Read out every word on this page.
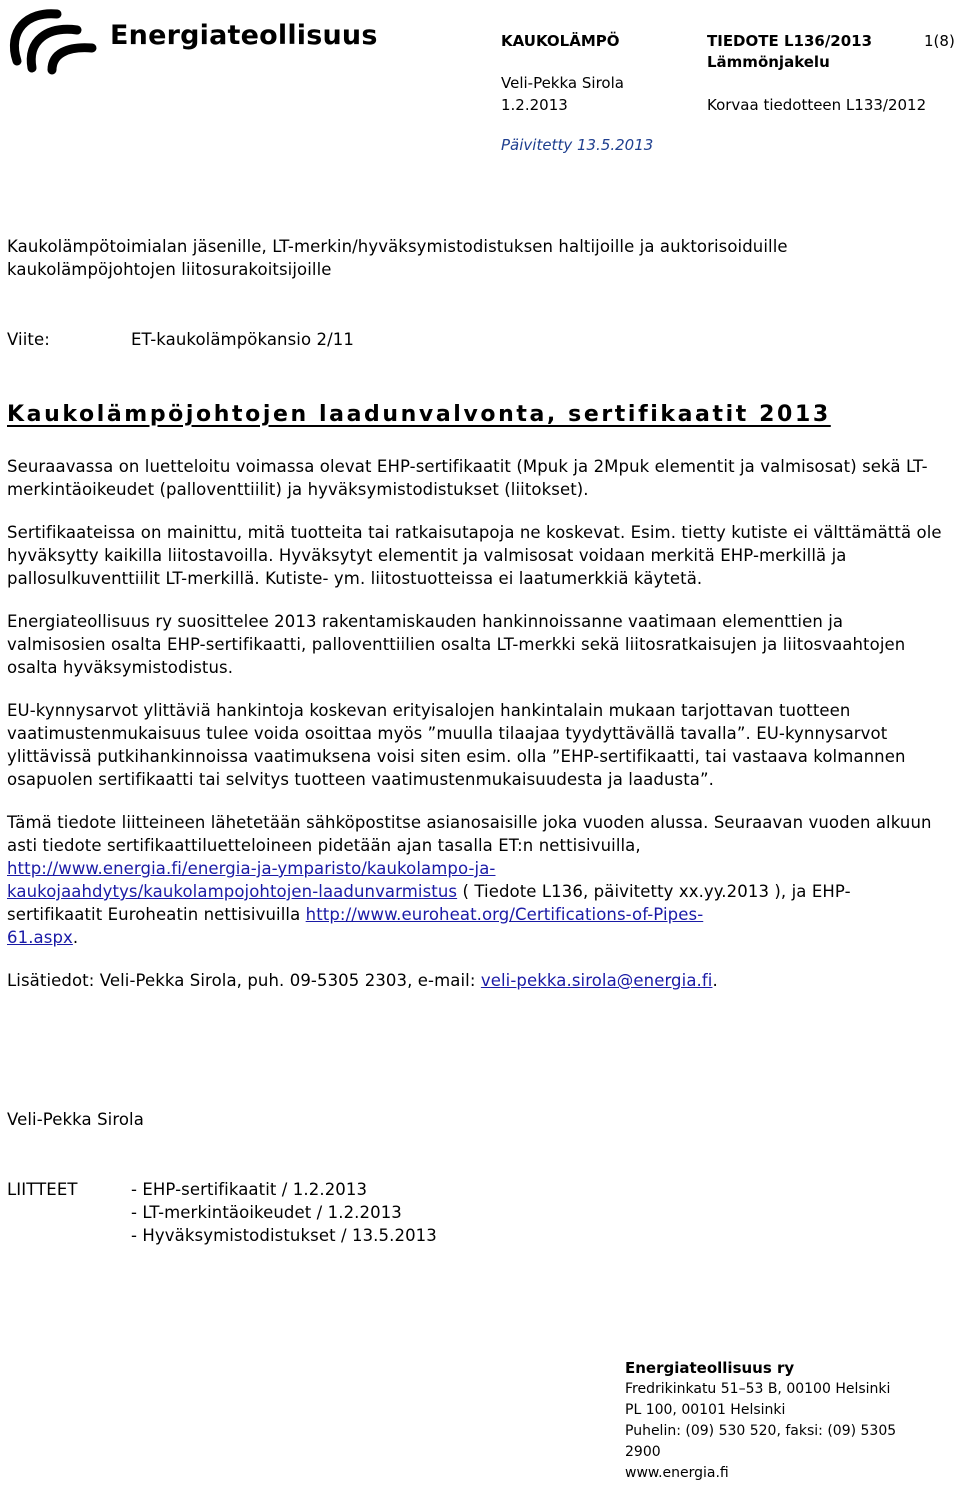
Energiateollisuus	KAUKOLÄMPÖ	TIEDOTE L136/2013	1(8)
Lämmönjakelu
Veli-Pekka Sirola
1.2.2013	Korvaa tiedotteen L133/2012
Päivitetty 13.5.2013

Kaukolämpötoimialan jäsenille, LT-merkin/hyväksymistodistuksen haltijoille ja auktorisoiduille

kaukolämpöjohtojen liitosurakoitsijoille

Viite:	ET-kaukolämpökansio 2/11
Kaukolämpöjohtojen laadunvalvonta, sertifikaatit 2013

Seuraavassa on luetteloitu voimassa olevat EHP-sertifikaatit (Mpuk ja 2Mpuk elementit ja valmisosat) sekä LT-merkintäoikeudet (palloventtiilit) ja hyväksymistodistukset (liitokset).

Sertifikaateissa on mainittu, mitä tuotteita tai ratkaisutapoja ne koskevat. Esim. tietty kutiste ei välttämättä ole hyväksytty kaikilla liitostavoilla. Hyväksytyt elementit ja valmisosat voidaan merkitä EHP-merkillä ja pallosulkuventtiilit LT-merkillä. Kutiste- ym. liitostuotteissa ei laatumerkkiä käytetä.

Energiateollisuus ry suosittelee 2013 rakentamiskauden hankinnoissanne vaatimaan elementtien ja valmisosien osalta EHP-sertifikaatti, palloventtiilien osalta LT-merkki sekä liitosratkaisujen ja liitosvaahtojen osalta hyväksymistodistus.

EU-kynnysarvot ylittäviä hankintoja koskevan erityisalojen hankintalain mukaan tarjottavan tuotteen vaatimustenmukaisuus tulee voida osoittaa myös ”muulla tilaajaa tyydyttävällä tavalla”. EU-kynnysarvot ylittävissä putkihankinnoissa vaatimuksena voisi siten esim. olla ”EHP-sertifikaatti, tai vastaava kolmannen osapuolen sertifikaatti tai selvitys tuotteen vaatimustenmukaisuudesta ja laadusta”.

Tämä tiedote liitteineen lähetetään sähköpostitse asianosaisille joka vuoden alussa. Seuraavan vuoden alkuun asti tiedote sertifikaattiluetteloineen pidetään ajan tasalla ET:n nettisivuilla,
http://www.energia.fi/energia-ja-ymparisto/kaukolampo-ja-
kaukojaahdytys/kaukolampojohtojen-laadunvarmistus ( Tiedote L136, päivitetty xx.yy.2013 ), ja EHP-sertifikaatit Euroheatin nettisivuilla http://www.euroheat.org/Certifications-of-Pipes-
61.aspx.

Lisätiedot: Veli-Pekka Sirola, puh. 09-5305 2303, e-mail: veli-pekka.sirola@energia.fi.

Veli-Pekka Sirola
LIITTEET	- EHP-sertifikaatit / 1.2.2013

- LT-merkintäoikeudet / 1.2.2013

- Hyväksymistodistukset / 13.5.2013

Energiateollisuus ry

Fredrikinkatu 51–53 B, 00100 Helsinki

PL 100, 00101 Helsinki

Puhelin: (09) 530 520, faksi: (09) 5305

2900

www.energia.fi
